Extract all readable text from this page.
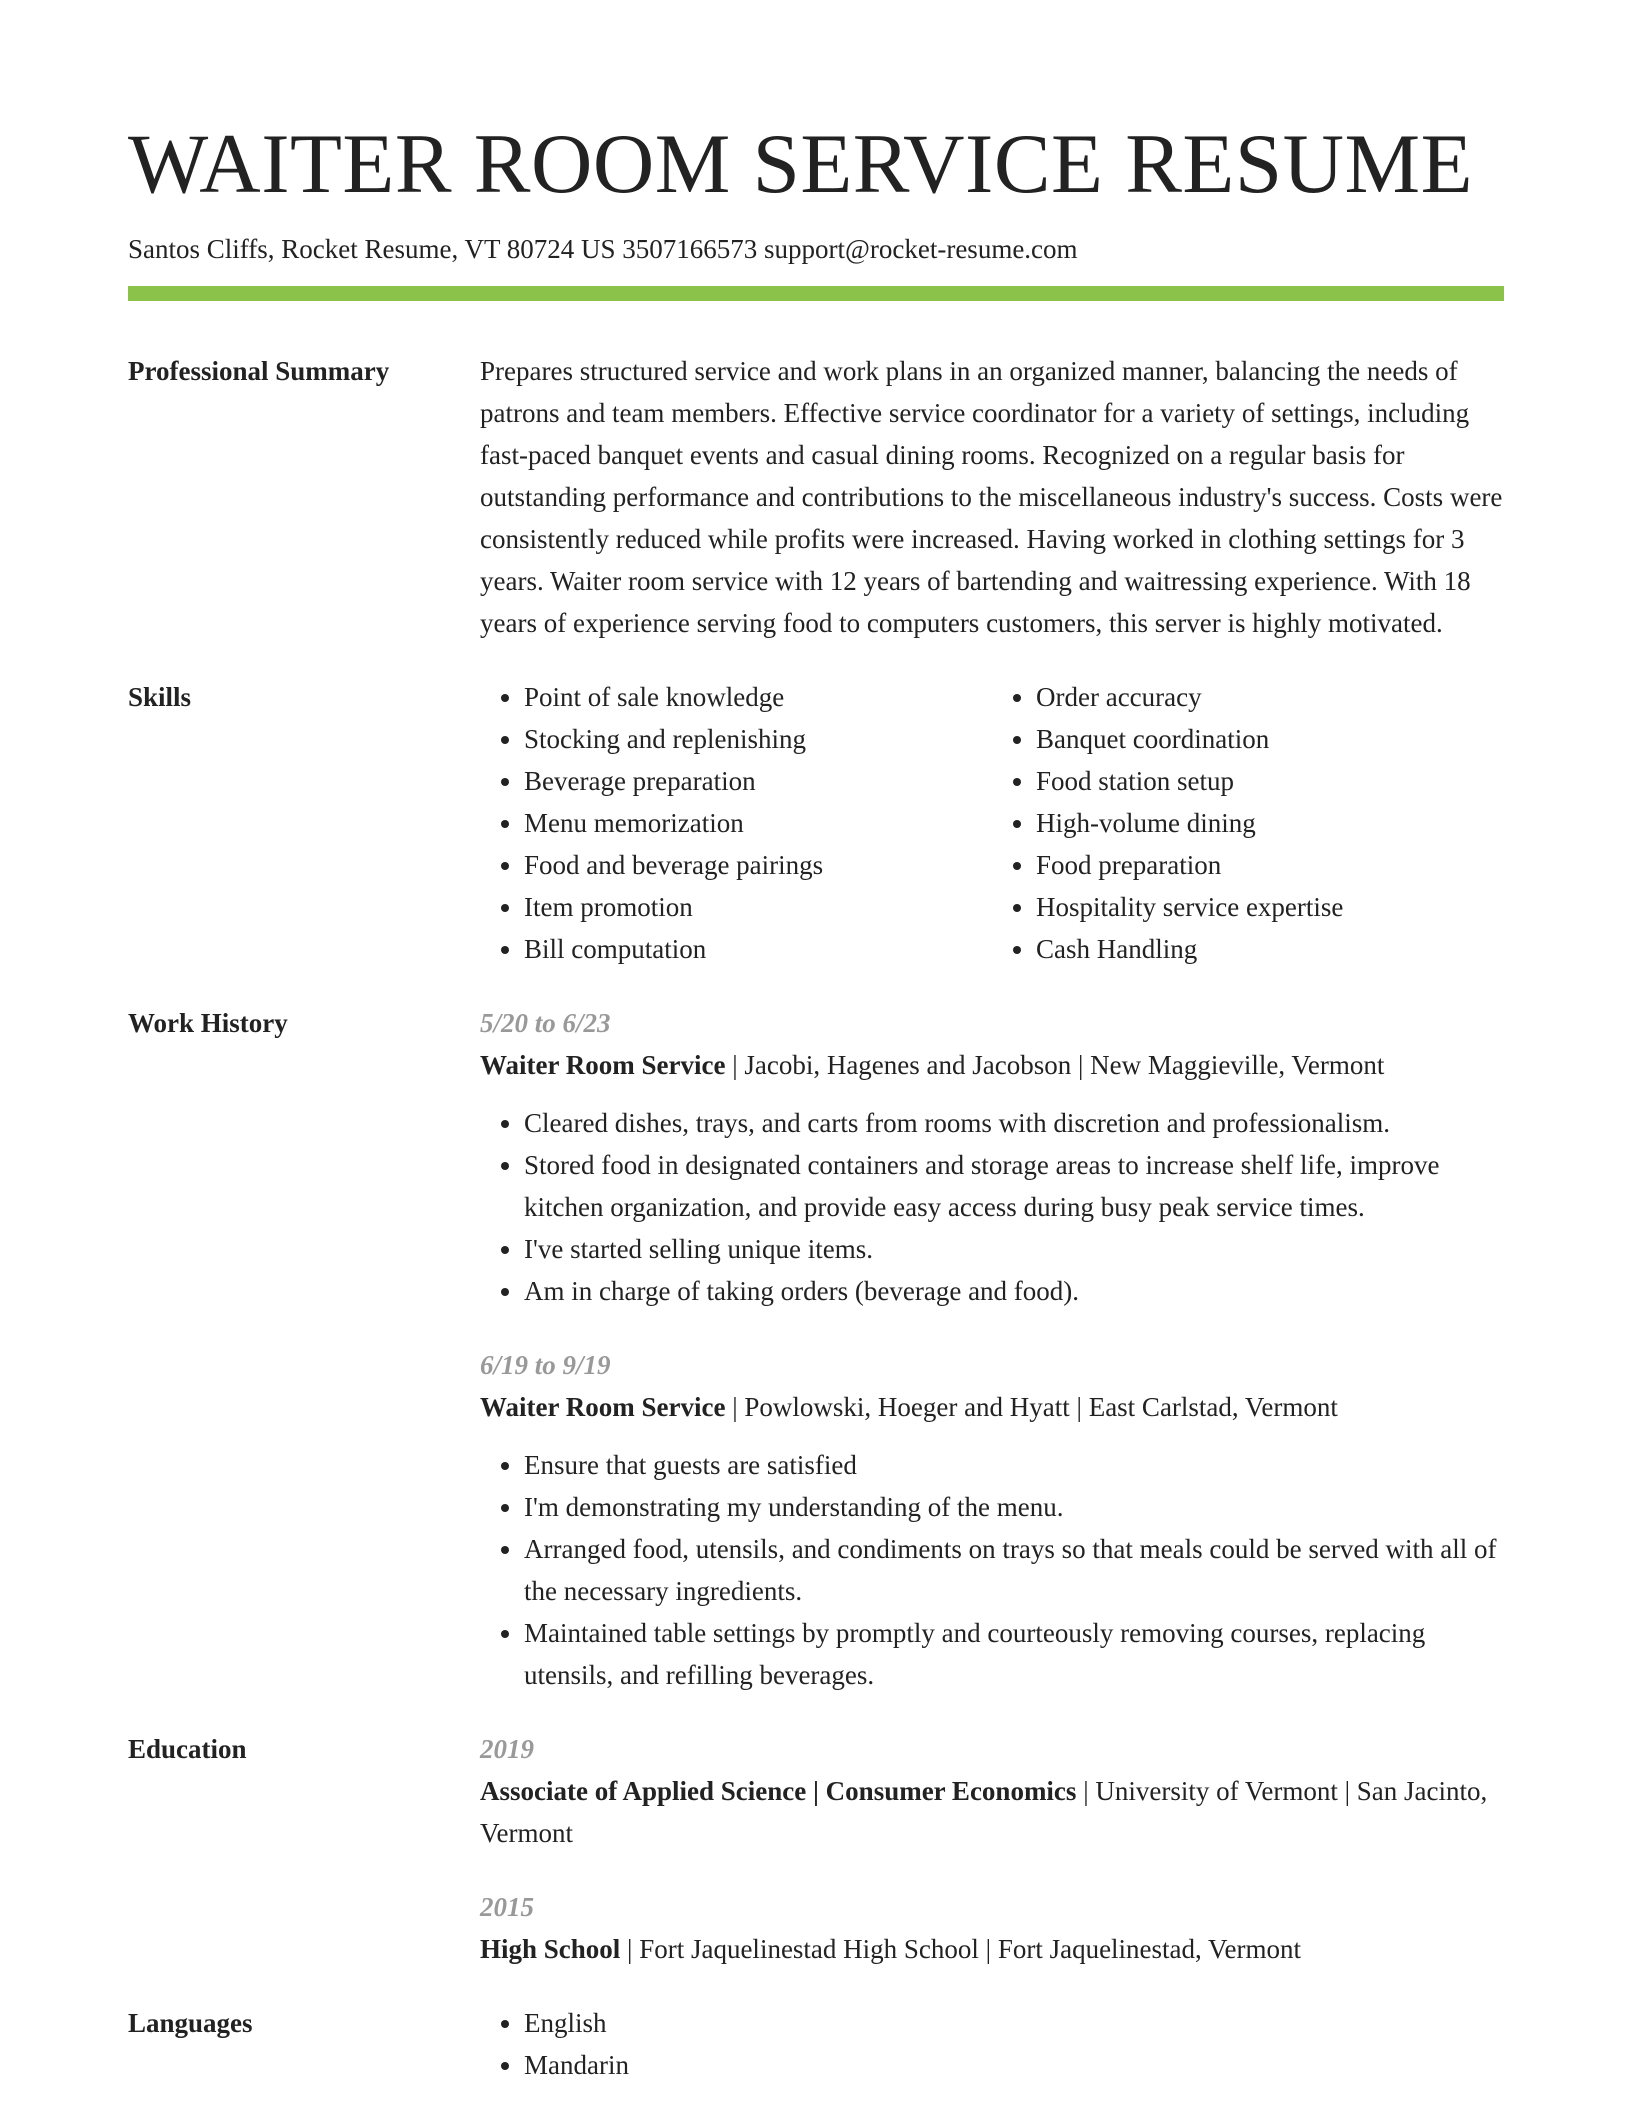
WAITER ROOM SERVICE RESUME
Santos Cliffs, Rocket Resume, VT 80724 US 3507166573 support@rocket-resume.com
Professional Summary	Prepares structured service and work plans in an organized manner, balancing the needs of patrons and team members. Effective service coordinator for a variety of settings, including fast-paced banquet events and casual dining rooms. Recognized on a regular basis for outstanding performance and contributions to the miscellaneous industry's success. Costs were consistently reduced while profits were increased. Having worked in clothing settings for 3 years. Waiter room service with 12 years of bartending and waitressing experience. With 18 years of experience serving food to computers customers, this server is highly motivated.

Skills	• Point of sale knowledge
• Stocking and replenishing
• Beverage preparation
• Menu memorization
• Food and beverage pairings
• Item promotion
• Bill computation
• Order accuracy
• Banquet coordination
• Food station setup
• High-volume dining
• Food preparation
• Hospitality service expertise
• Cash Handling
Work History	5/20 to 6/23
Waiter Room Service | Jacobi, Hagenes and Jacobson | New Maggieville, Vermont
• Cleared dishes, trays, and carts from rooms with discretion and professionalism.
• Stored food in designated containers and storage areas to increase shelf life, improve kitchen organization, and provide easy access during busy peak service times.
• I've started selling unique items.
• Am in charge of taking orders (beverage and food).
6/19 to 9/19
Waiter Room Service | Powlowski, Hoeger and Hyatt | East Carlstad, Vermont
• Ensure that guests are satisfied
• I'm demonstrating my understanding of the menu.
• Arranged food, utensils, and condiments on trays so that meals could be served with all of the necessary ingredients.
• Maintained table settings by promptly and courteously removing courses, replacing utensils, and refilling beverages.
Education	2019
Associate of Applied Science | Consumer Economics | University of Vermont | San Jacinto, Vermont
2015
High School | Fort Jaquelinestad High School | Fort Jaquelinestad, Vermont
Languages	• English
• Mandarin
